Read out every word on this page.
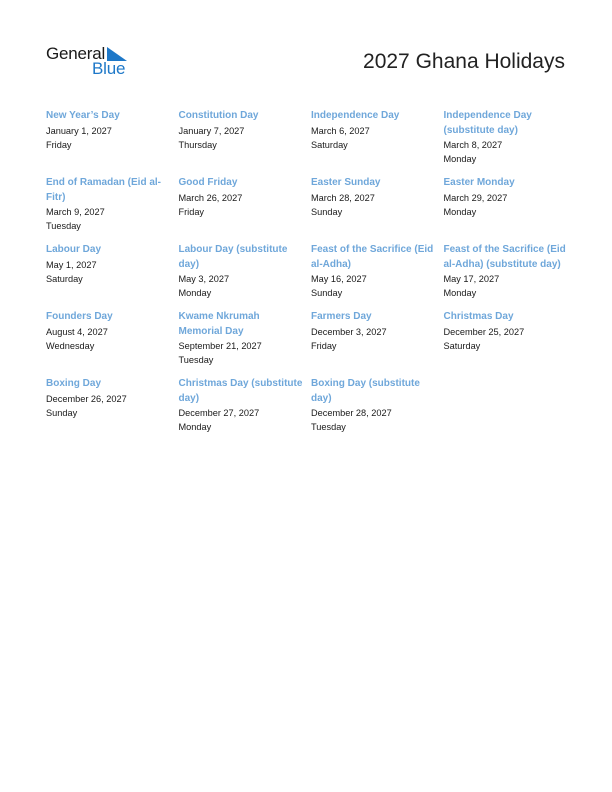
General
Blue	2027 Ghana Holidays
New Year’s Day
January 1, 2027
Friday
Constitution Day
January 7, 2027
Thursday
Independence Day
March 6, 2027
Saturday
Independence Day (substitute day)
March 8, 2027
Monday
End of Ramadan (Eid al-Fitr)
March 9, 2027
Tuesday
Good Friday
March 26, 2027
Friday
Easter Sunday
March 28, 2027
Sunday
Easter Monday
March 29, 2027
Monday
Labour Day
May 1, 2027
Saturday
Labour Day (substitute day)
May 3, 2027
Monday
Feast of the Sacrifice (Eid al-Adha)
May 16, 2027
Sunday
Feast of the Sacrifice (Eid al-Adha) (substitute day)
May 17, 2027
Monday
Founders Day
August 4, 2027
Wednesday
Kwame Nkrumah Memorial Day
September 21, 2027
Tuesday
Farmers Day
December 3, 2027
Friday
Christmas Day
December 25, 2027
Saturday
Boxing Day
December 26, 2027
Sunday
Christmas Day (substitute day)
December 27, 2027
Monday
Boxing Day (substitute day)
December 28, 2027
Tuesday
